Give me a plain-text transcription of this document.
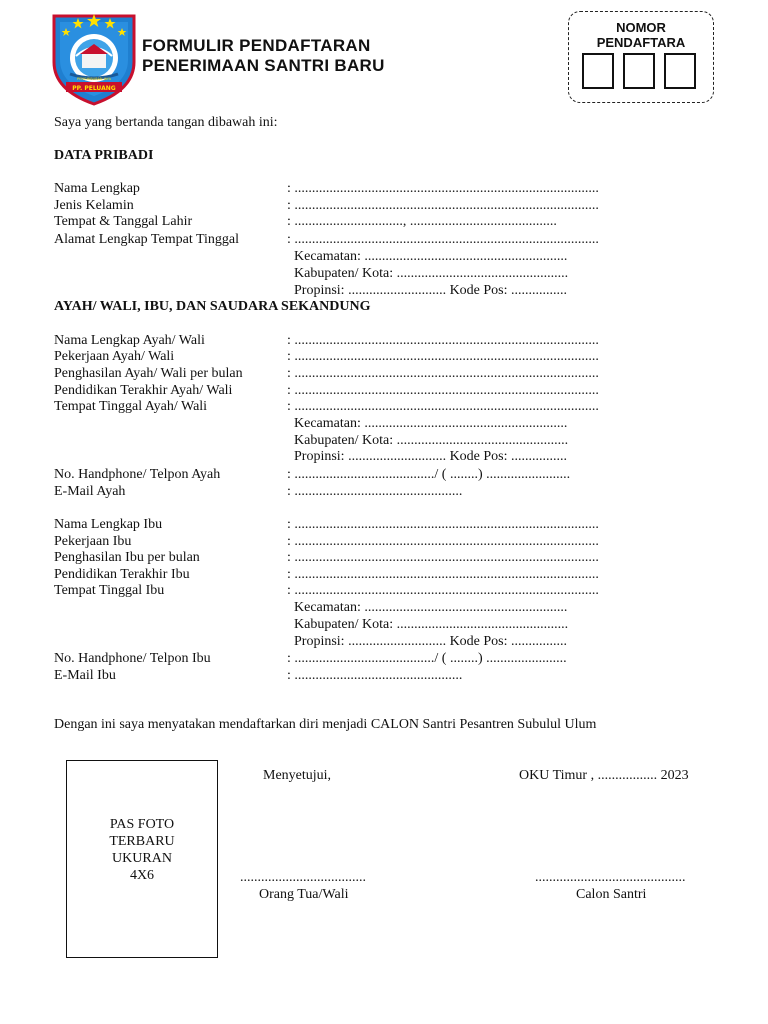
PP. PELUANG
PENGHIBURAN JAYA
FORMULIR PENDAFTARAN
PENERIMAAN SANTRI BARU
NOMOR
PENDAFTARA
Saya yang bertanda tangan dibawah ini:
DATA PRIBADI
Nama Lengkap	: .......................................................................................
Jenis Kelamin	: .......................................................................................
Tempat & Tanggal Lahir	: ..............................., ..........................................
Alamat Lengkap Tempat Tinggal	: .......................................................................................
Kecamatan: ..........................................................
Kabupaten/ Kota: .................................................
Propinsi: ............................ Kode Pos: ................
AYAH/ WALI, IBU, DAN SAUDARA SEKANDUNG
Nama Lengkap Ayah/ Wali	: .......................................................................................
Pekerjaan Ayah/ Wali	: .......................................................................................
Penghasilan Ayah/ Wali per bulan	: .......................................................................................
Pendidikan Terakhir Ayah/ Wali	: .......................................................................................
Tempat Tinggal Ayah/ Wali	: .......................................................................................
Kecamatan: ..........................................................
Kabupaten/ Kota: .................................................
Propinsi: ............................ Kode Pos: ................
No. Handphone/ Telpon Ayah	: ......................................../ ( ........) ........................
E-Mail Ayah	: ................................................
Nama Lengkap Ibu	: .......................................................................................
Pekerjaan Ibu	: .......................................................................................
Penghasilan Ibu per bulan	: .......................................................................................
Pendidikan Terakhir Ibu	: .......................................................................................
Tempat Tinggal Ibu	: .......................................................................................
Kecamatan: ..........................................................
Kabupaten/ Kota: .................................................
Propinsi: ............................ Kode Pos: ................
No. Handphone/ Telpon Ibu	: ......................................../ ( ........) .......................
E-Mail Ibu	: ................................................
Dengan ini saya menyatakan mendaftarkan diri menjadi CALON Santri Pesantren Subulul Ulum
PAS FOTO
TERBARU
UKURAN
4X6
Menyetujui,	OKU Timur , ................. 2023
....................................	...........................................
Orang Tua/Wali	Calon Santri
